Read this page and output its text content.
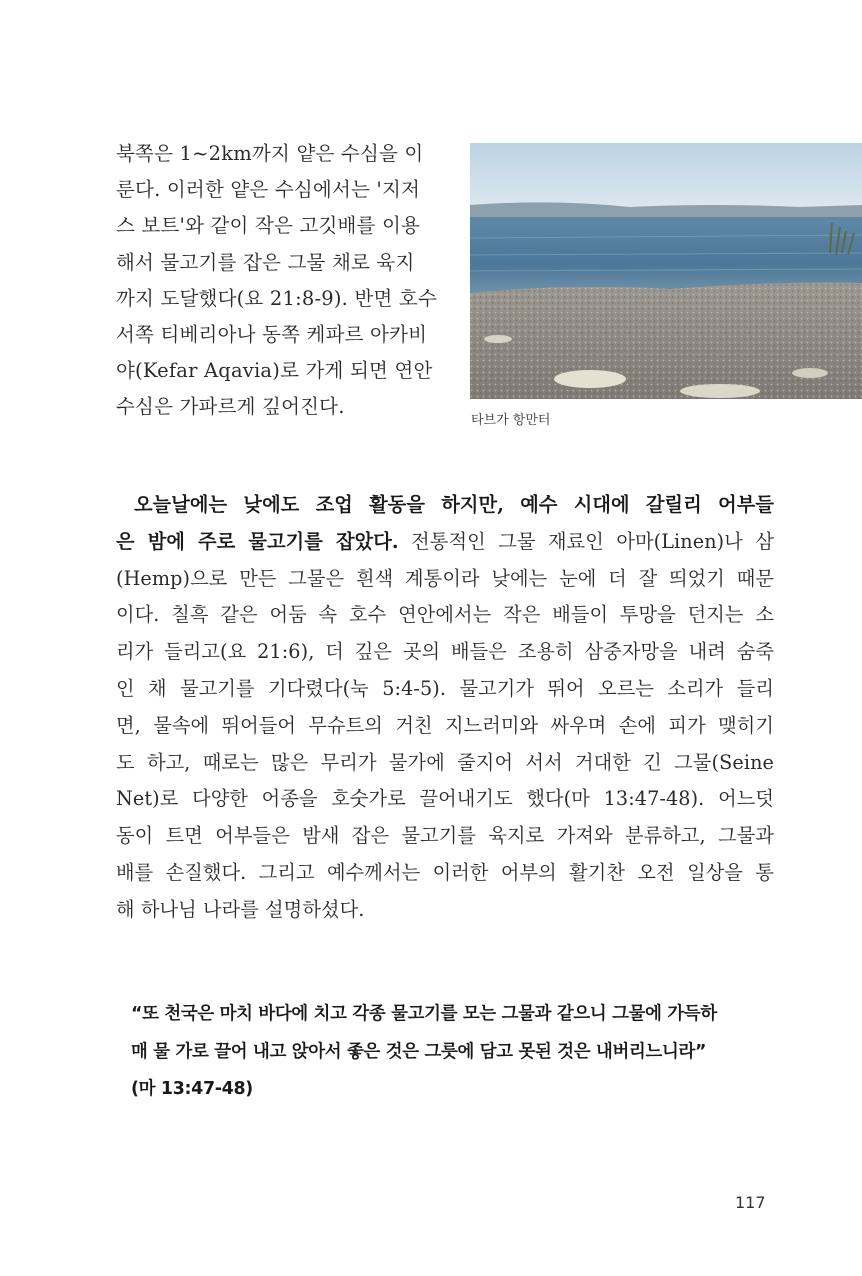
북쪽은 1~2km까지 얕은 수심을 이
룬다. 이러한 얕은 수심에서는 '지저
스 보트'와 같이 작은 고깃배를 이용
해서 물고기를 잡은 그물 채로 육지
까지 도달했다(요 21:8-9). 반면 호수
서쪽 티베리아나 동쪽 케파르 아카비
야(Kefar Aqavia)로 가게 되면 연안
수심은 가파르게 깊어진다.
타브가 항만터
오늘날에는 낮에도 조업 활동을 하지만, 예수 시대에 갈릴리 어부들
은 밤에 주로 물고기를 잡았다. 전통적인 그물 재료인 아마(Linen)나 삼
(Hemp)으로 만든 그물은 흰색 계통이라 낮에는 눈에 더 잘 띄었기 때문
이다. 칠흑 같은 어둠 속 호수 연안에서는 작은 배들이 투망을 던지는 소
리가 들리고(요 21:6), 더 깊은 곳의 배들은 조용히 삼중자망을 내려 숨죽
인 채 물고기를 기다렸다(눅 5:4-5). 물고기가 뛰어 오르는 소리가 들리
면, 물속에 뛰어들어 무슈트의 거친 지느러미와 싸우며 손에 피가 맺히기
도 하고, 때로는 많은 무리가 물가에 줄지어 서서 거대한 긴 그물(Seine
Net)로 다양한 어종을 호숫가로 끌어내기도 했다(마 13:47-48). 어느덧
동이 트면 어부들은 밤새 잡은 물고기를 육지로 가져와 분류하고, 그물과
배를 손질했다. 그리고 예수께서는 이러한 어부의 활기찬 오전 일상을 통
해 하나님 나라를 설명하셨다.
“또 천국은 마치 바다에 치고 각종 물고기를 모는 그물과 같으니 그물에 가득하
매 물 가로 끌어 내고 앉아서 좋은 것은 그릇에 담고 못된 것은 내버리느니라”
(마 13:47-48)
117
